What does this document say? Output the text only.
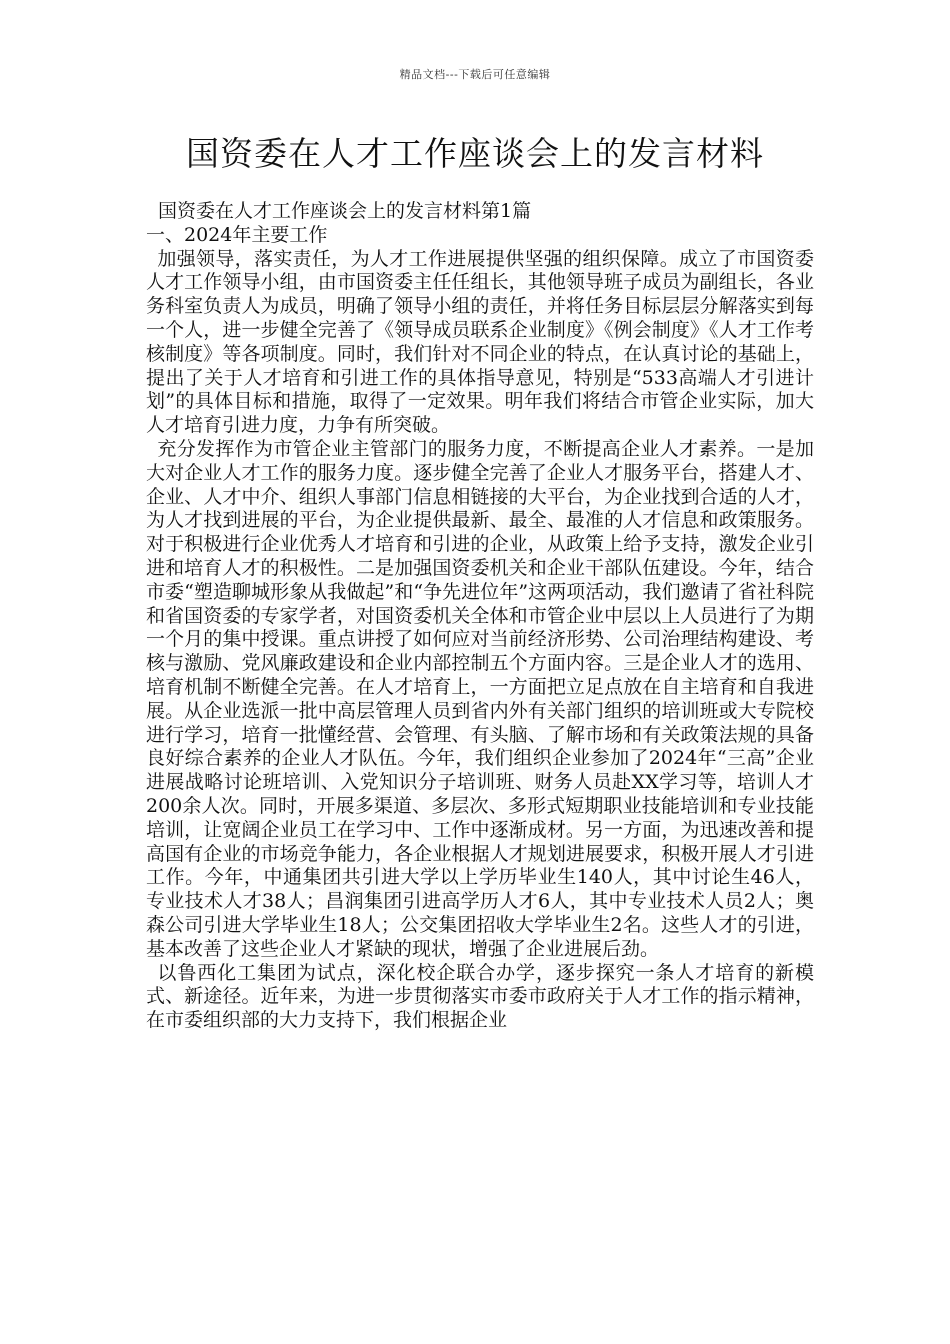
精品文档---下载后可任意编辑
国资委在人才工作座谈会上的发言材料

国资委在人才工作座谈会上的发言材料第1篇

一、2024年主要工作

加强领导，落实责任，为人才工作进展提供坚强的组织保障。成立了市国资委人才工作领导小组，由市国资委主任任组长，其他领导班子成员为副组长，各业务科室负责人为成员，明确了领导小组的责任，并将任务目标层层分解落实到每一个人，进一步健全完善了《领导成员联系企业制度》《例会制度》《人才工作考核制度》等各项制度。同时，我们针对不同企业的特点，在认真讨论的基础上，提出了关于人才培育和引进工作的具体指导意见，特别是“533高端人才引进计划”的具体目标和措施，取得了一定效果。明年我们将结合市管企业实际，加大人才培育引进力度，力争有所突破。

充分发挥作为市管企业主管部门的服务力度，不断提高企业人才素养。一是加大对企业人才工作的服务力度。逐步健全完善了企业人才服务平台，搭建人才、企业、人才中介、组织人事部门信息相链接的大平台，为企业找到合适的人才，为人才找到进展的平台，为企业提供最新、最全、最准的人才信息和政策服务。对于积极进行企业优秀人才培育和引进的企业，从政策上给予支持，激发企业引进和培育人才的积极性。二是加强国资委机关和企业干部队伍建设。今年，结合市委“塑造聊城形象从我做起”和“争先进位年”这两项活动，我们邀请了省社科院和省国资委的专家学者，对国资委机关全体和市管企业中层以上人员进行了为期一个月的集中授课。重点讲授了如何应对当前经济形势、公司治理结构建设、考核与激励、党风廉政建设和企业内部控制五个方面内容。三是企业人才的选用、培育机制不断健全完善。在人才培育上，一方面把立足点放在自主培育和自我进展。从企业选派一批中高层管理人员到省内外有关部门组织的培训班或大专院校进行学习，培育一批懂经营、会管理、有头脑、了解市场和有关政策法规的具备良好综合素养的企业人才队伍。今年，我们组织企业参加了2024年“三高”企业进展战略讨论班培训、入党知识分子培训班、财务人员赴XX学习等，培训人才200余人次。同时，开展多渠道、多层次、多形式短期职业技能培训和专业技能培训，让宽阔企业员工在学习中、工作中逐渐成材。另一方面，为迅速改善和提高国有企业的市场竞争能力，各企业根据人才规划进展要求，积极开展人才引进工作。今年，中通集团共引进大学以上学历毕业生140人，其中讨论生46人，专业技术人才38人；昌润集团引进高学历人才6人，其中专业技术人员2人；奥森公司引进大学毕业生18人；公交集团招收大学毕业生2名。这些人才的引进，基本改善了这些企业人才紧缺的现状，增强了企业进展后劲。

以鲁西化工集团为试点，深化校企联合办学，逐步探究一条人才培育的新模式、新途径。近年来，为进一步贯彻落实市委市政府关于人才工作的指示精神，在市委组织部的大力支持下，我们根据企业
